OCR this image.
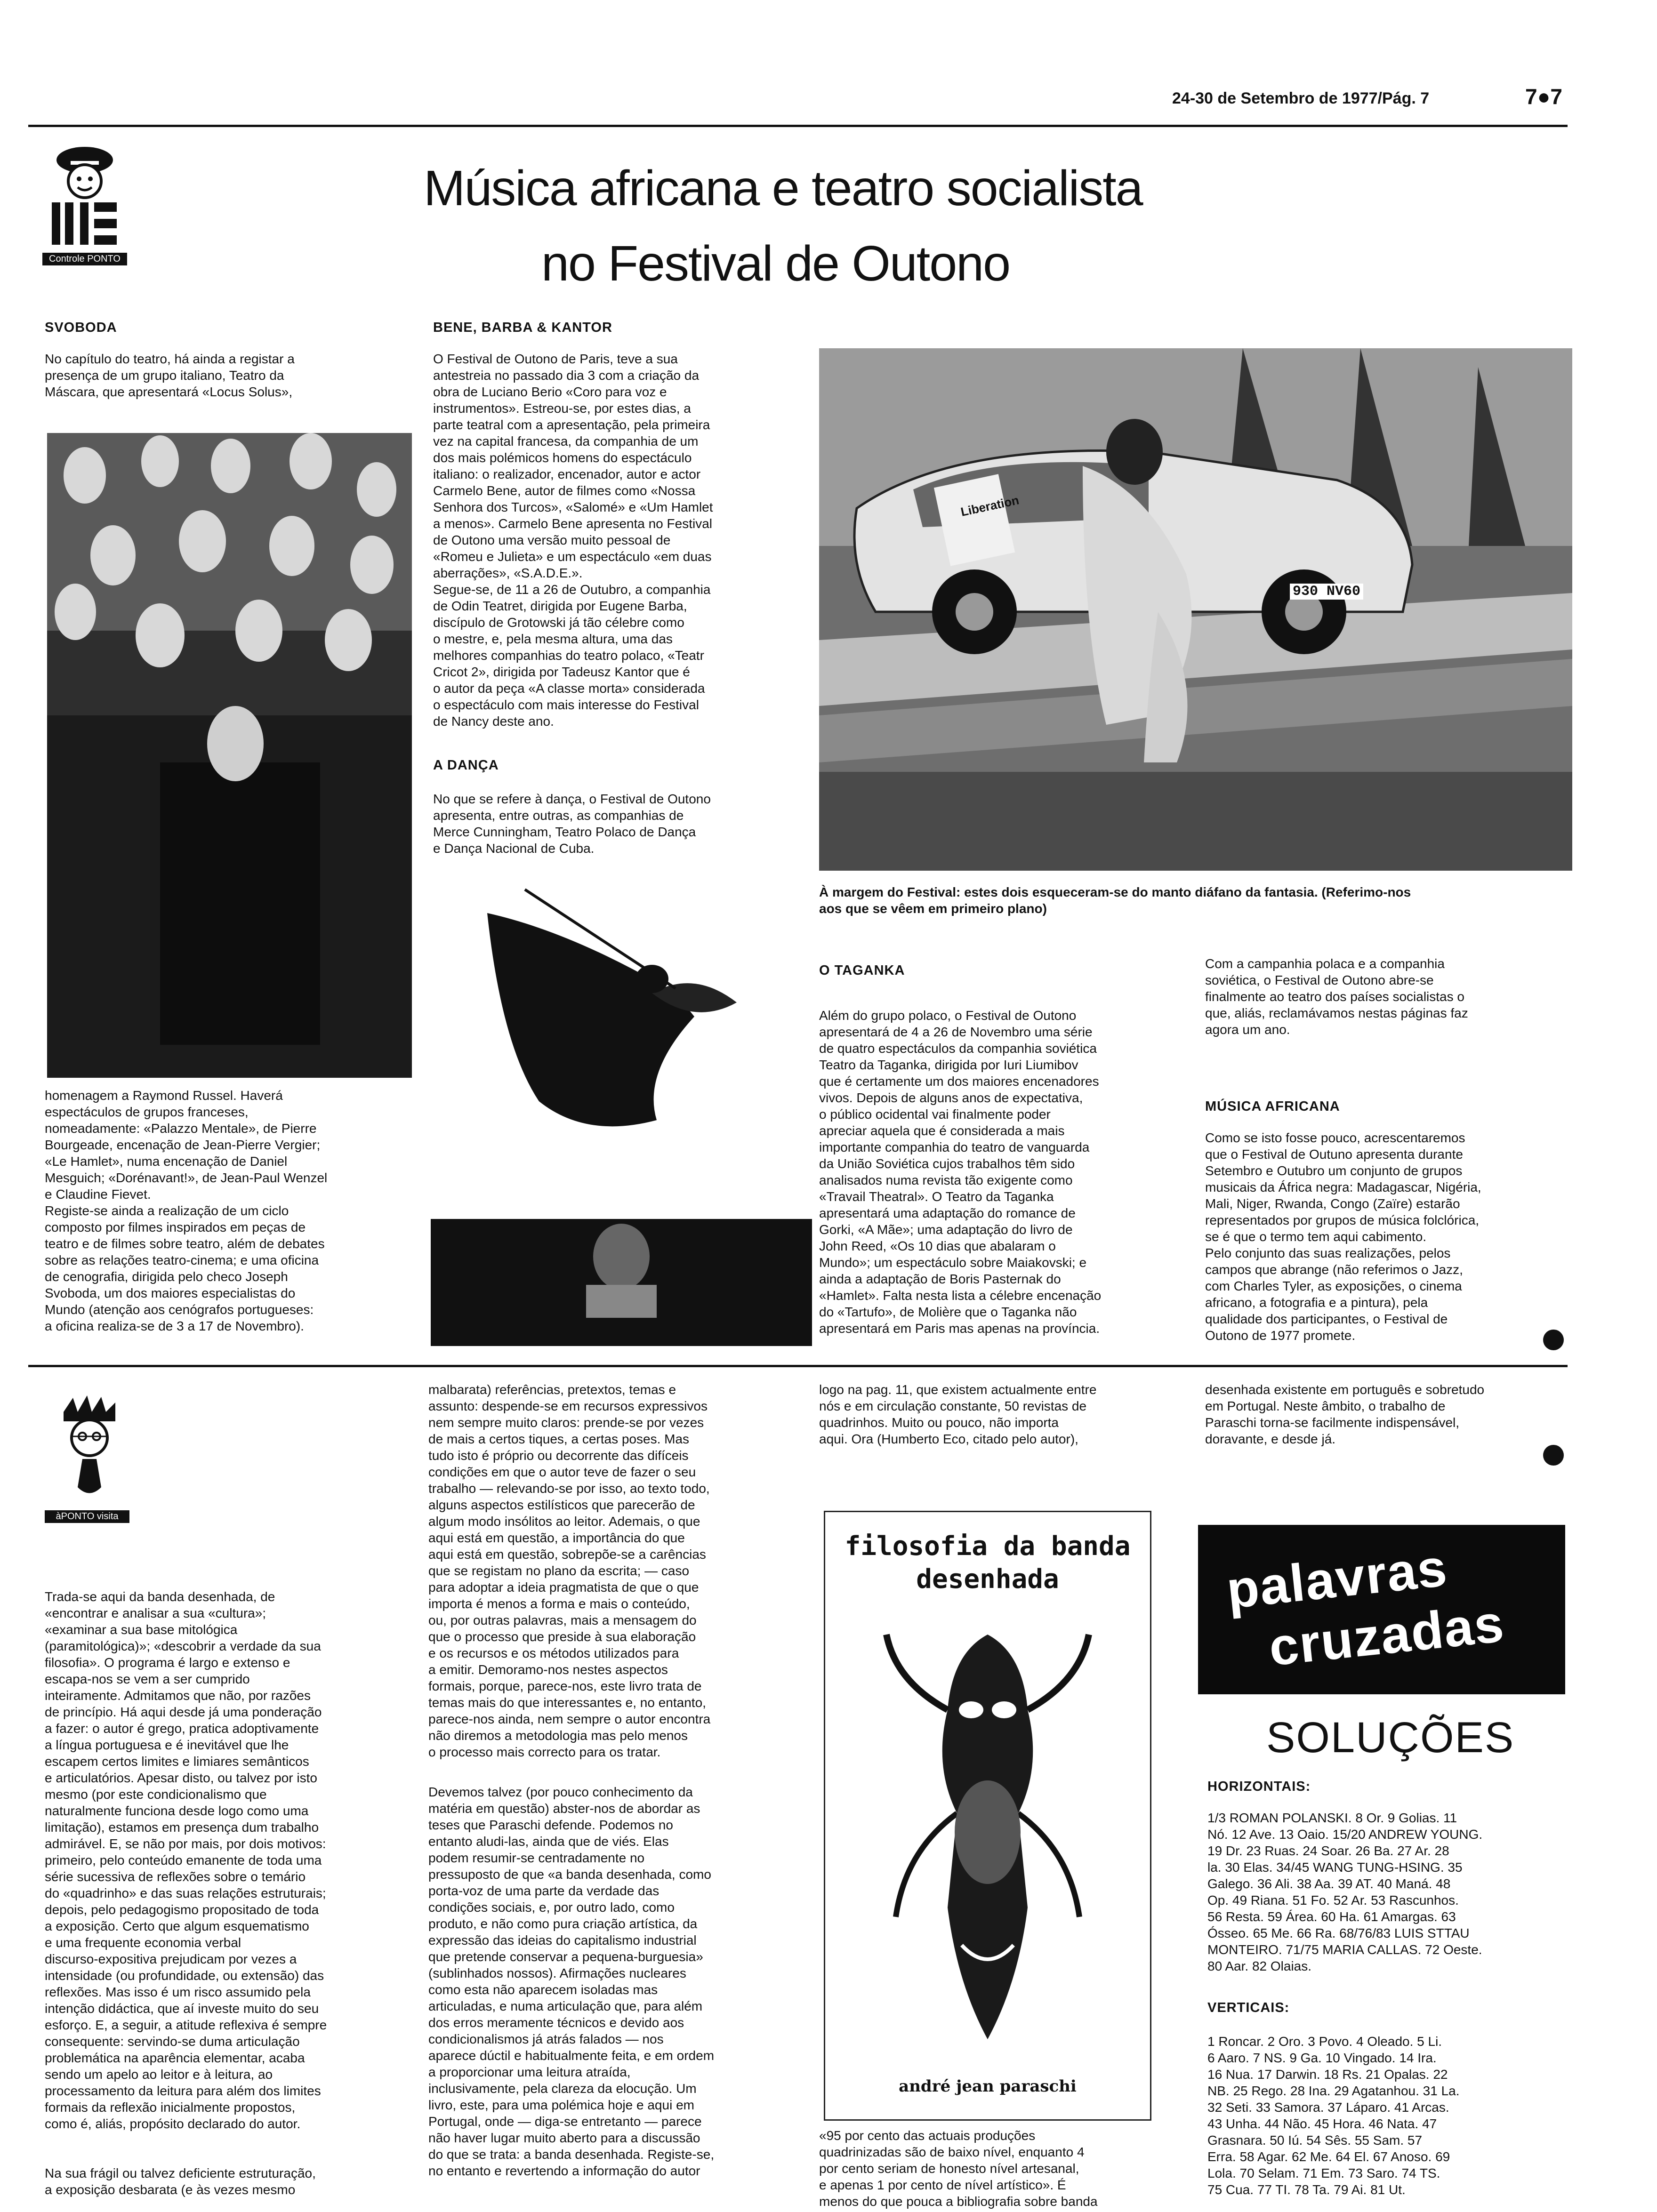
24-30 de Setembro de 1977/Pág. 7	7●7
Controle PONTO
Música africana e teatro socialista
no Festival de Outono
SVOBODA
No capítulo do teatro, há ainda a registar a
presença de um grupo italiano, Teatro da
Máscara, que apresentará «Locus Solus»,
homenagem a Raymond Russel. Haverá
espectáculos de grupos franceses,
nomeadamente: «Palazzo Mentale», de Pierre
Bourgeade, encenação de Jean-Pierre Vergier;
«Le Hamlet», numa encenação de Daniel
Mesguich; «Dorénavant!», de Jean-Paul Wenzel
e Claudine Fievet.
Registe-se ainda a realização de um ciclo
composto por filmes inspirados em peças de
teatro e de filmes sobre teatro, além de debates
sobre as relações teatro-cinema; e uma oficina
de cenografia, dirigida pelo checo Joseph
Svoboda, um dos maiores especialistas do
Mundo (atenção aos cenógrafos portugueses:
a oficina realiza-se de 3 a 17 de Novembro).
BENE, BARBA & KANTOR
O Festival de Outono de Paris, teve a sua
antestreia no passado dia 3 com a criação da
obra de Luciano Berio «Coro para voz e
instrumentos». Estreou-se, por estes dias, a
parte teatral com a apresentação, pela primeira
vez na capital francesa, da companhia de um
dos mais polémicos homens do espectáculo
italiano: o realizador, encenador, autor e actor
Carmelo Bene, autor de filmes como «Nossa
Senhora dos Turcos», «Salomé» e «Um Hamlet
a menos». Carmelo Bene apresenta no Festival
de Outono uma versão muito pessoal de
«Romeu e Julieta» e um espectáculo «em duas
aberrações», «S.A.D.E.».
Segue-se, de 11 a 26 de Outubro, a companhia
de Odin Teatret, dirigida por Eugene Barba,
discípulo de Grotowski já tão célebre como
o mestre, e, pela mesma altura, uma das
melhores companhias do teatro polaco, «Teatr
Cricot 2», dirigida por Tadeusz Kantor que é
o autor da peça «A classe morta» considerada
o espectáculo com mais interesse do Festival
de Nancy deste ano.
A DANÇA
No que se refere à dança, o Festival de Outono
apresenta, entre outras, as companhias de
Merce Cunningham, Teatro Polaco de Dança
e Dança Nacional de Cuba.
Liberation
930 NV60
À margem do Festival: estes dois esqueceram-se do manto diáfano da fantasia. (Referimo-nos
aos que se vêem em primeiro plano)
O TAGANKA
Além do grupo polaco, o Festival de Outono
apresentará de 4 a 26 de Novembro uma série
de quatro espectáculos da companhia soviética
Teatro da Taganka, dirigida por Iuri Liumibov
que é certamente um dos maiores encenadores
vivos. Depois de alguns anos de expectativa,
o público ocidental vai finalmente poder
apreciar aquela que é considerada a mais
importante companhia do teatro de vanguarda
da União Soviética cujos trabalhos têm sido
analisados numa revista tão exigente como
«Travail Theatral». O Teatro da Taganka
apresentará uma adaptação do romance de
Gorki, «A Mãe»; uma adaptação do livro de
John Reed, «Os 10 dias que abalaram o
Mundo»; um espectáculo sobre Maiakovski; e
ainda a adaptação de Boris Pasternak do
«Hamlet». Falta nesta lista a célebre encenação
do «Tartufo», de Molière que o Taganka não
apresentará em Paris mas apenas na província.
Com a campanhia polaca e a companhia
soviética, o Festival de Outono abre-se
finalmente ao teatro dos países socialistas o
que, aliás, reclamávamos nestas páginas faz
agora um ano.
MÚSICA AFRICANA
Como se isto fosse pouco, acrescentaremos
que o Festival de Outuno apresenta durante
Setembro e Outubro um conjunto de grupos
musicais da África negra: Madagascar, Nigéria,
Mali, Niger, Rwanda, Congo (Zaïre) estarão
representados por grupos de música folclórica,
se é que o termo tem aqui cabimento.
Pelo conjunto das suas realizações, pelos
campos que abrange (não referimos o Jazz,
com Charles Tyler, as exposições, o cinema
africano, a fotografia e a pintura), pela
qualidade dos participantes, o Festival de
Outono de 1977 promete.
àPONTO visita
Trada-se aqui da banda desenhada, de
«encontrar e analisar a sua «cultura»;
«examinar a sua base mitológica
(paramitológica)»; «descobrir a verdade da sua
filosofia». O programa é largo e extenso e
escapa-nos se vem a ser cumprido
inteiramente. Admitamos que não, por razões
de princípio. Há aqui desde já uma ponderação
a fazer: o autor é grego, pratica adoptivamente
a língua portuguesa e é inevitável que lhe
escapem certos limites e limiares semânticos
e articulatórios. Apesar disto, ou talvez por isto
mesmo (por este condicionalismo que
naturalmente funciona desde logo como uma
limitação), estamos em presença dum trabalho
admirável. E, se não por mais, por dois motivos:
primeiro, pelo conteúdo emanente de toda uma
série sucessiva de reflexões sobre o temário
do «quadrinho» e das suas relações estruturais;
depois, pelo pedagogismo propositado de toda
a exposição. Certo que algum esquematismo
e uma frequente economia verbal
discurso-expositiva prejudicam por vezes a
intensidade (ou profundidade, ou extensão) das
reflexões. Mas isso é um risco assumido pela
intenção didáctica, que aí investe muito do seu
esforço. E, a seguir, a atitude reflexiva é sempre
consequente: servindo-se duma articulação
problemática na aparência elementar, acaba
sendo um apelo ao leitor e à leitura, ao
processamento da leitura para além dos limites
formais da reflexão inicialmente propostos,
como é, aliás, propósito declarado do autor.
Na sua frágil ou talvez deficiente estruturação,
a exposição desbarata (e às vezes mesmo
malbarata) referências, pretextos, temas e
assunto: despende-se em recursos expressivos
nem sempre muito claros: prende-se por vezes
de mais a certos tiques, a certas poses. Mas
tudo isto é próprio ou decorrente das difíceis
condições em que o autor teve de fazer o seu
trabalho — relevando-se por isso, ao texto todo,
alguns aspectos estilísticos que parecerão de
algum modo insólitos ao leitor. Ademais, o que
aqui está em questão, a importância do que
aqui está em questão, sobrepõe-se a carências
que se registam no plano da escrita; — caso
para adoptar a ideia pragmatista de que o que
importa é menos a forma e mais o conteúdo,
ou, por outras palavras, mais a mensagem do
que o processo que preside à sua elaboração
e os recursos e os métodos utilizados para
a emitir. Demoramo-nos nestes aspectos
formais, porque, parece-nos, este livro trata de
temas mais do que interessantes e, no entanto,
parece-nos ainda, nem sempre o autor encontra
não diremos a metodologia mas pelo menos
o processo mais correcto para os tratar.
Devemos talvez (por pouco conhecimento da
matéria em questão) abster-nos de abordar as
teses que Paraschi defende. Podemos no
entanto aludi-las, ainda que de viés. Elas
podem resumir-se centradamente no
pressuposto de que «a banda desenhada, como
porta-voz de uma parte da verdade das
condições sociais, e, por outro lado, como
produto, e não como pura criação artística, da
expressão das ideias do capitalismo industrial
que pretende conservar a pequena-burguesia»
(sublinhados nossos). Afirmações nucleares
como esta não aparecem isoladas mas
articuladas, e numa articulação que, para além
dos erros meramente técnicos e devido aos
condicionalismos já atrás falados — nos
aparece dúctil e habitualmente feita, e em ordem
a proporcionar uma leitura atraída,
inclusivamente, pela clareza da elocução. Um
livro, este, para uma polémica hoje e aqui em
Portugal, onde — diga-se entretanto — parece
não haver lugar muito aberto para a discussão
do que se trata: a banda desenhada. Registe-se,
no entanto e revertendo a informação do autor
logo na pag. 11, que existem actualmente entre
nós e em circulação constante, 50 revistas de
quadrinhos. Muito ou pouco, não importa
aqui. Ora (Humberto Eco, citado pelo autor),
filosofia da banda
desenhada
andré jean paraschi
«95 por cento das actuais produções
quadrinizadas são de baixo nível, enquanto 4
por cento seriam de honesto nível artesanal,
e apenas 1 por cento de nível artístico». É
menos do que pouca a bibliografia sobre banda
desenhada existente em português e sobretudo
em Portugal. Neste âmbito, o trabalho de
Paraschi torna-se facilmente indispensável,
doravante, e desde já.
palavras
cruzadas
SOLUÇÕES
HORIZONTAIS:
1/3 ROMAN POLANSKI. 8 Or. 9 Golias. 11
Nó. 12 Ave. 13 Oaio. 15/20 ANDREW YOUNG.
19 Dr. 23 Ruas. 24 Soar. 26 Ba. 27 Ar. 28
la. 30 Elas. 34/45 WANG TUNG-HSING. 35
Galego. 36 Ali. 38 Aa. 39 AT. 40 Maná. 48
Op. 49 Riana. 51 Fo. 52 Ar. 53 Rascunhos.
56 Resta. 59 Área. 60 Ha. 61 Amargas. 63
Ósseo. 65 Me. 66 Ra. 68/76/83 LUIS STTAU
MONTEIRO. 71/75 MARIA CALLAS. 72 Oeste.
80 Aar. 82 Olaias.
VERTICAIS:
1 Roncar. 2 Oro. 3 Povo. 4 Oleado. 5 Li.
6 Aaro. 7 NS. 9 Ga. 10 Vingado. 14 Ira.
16 Nua. 17 Darwin. 18 Rs. 21 Opalas. 22
NB. 25 Rego. 28 Ina. 29 Agatanhou. 31 La.
32 Seti. 33 Samora. 37 Láparo. 41 Arcas.
43 Unha. 44 Não. 45 Hora. 46 Nata. 47
Grasnara. 50 Iú. 54 Sês. 55 Sam. 57
Erra. 58 Agar. 62 Me. 64 El. 67 Anoso. 69
Lola. 70 Selam. 71 Em. 73 Saro. 74 TS.
75 Cua. 77 TI. 78 Ta. 79 Ai. 81 Ut.
